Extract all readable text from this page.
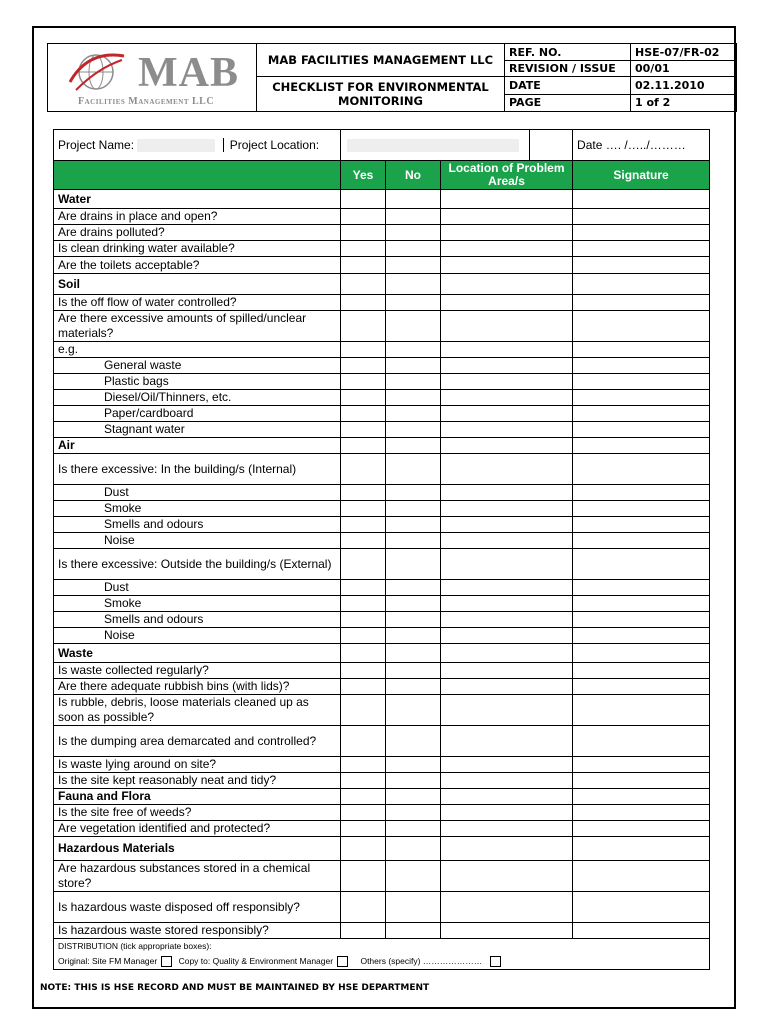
MAB
Facilities Management LLC	MAB FACILITIES MANAGEMENT LLC	REF. NO.	HSE-07/FR-02
		REVISION / ISSUE	00/01
	CHECKLIST FOR ENVIRONMENTAL MONITORING	DATE	02.11.2010
		PAGE	1 of 2
Project Name: Project Location:				Date …. /…../………
	Yes	No	Location of Problem Area/s	Signature
Water				
Are drains in place and open?				
Are drains polluted?				
Is clean drinking water available?				
Are the toilets acceptable?				
Soil				
Is the off flow of water controlled?				
Are there excessive amounts of spilled/unclear materials?				
e.g.				
General waste				
Plastic bags				
Diesel/Oil/Thinners, etc.				
Paper/cardboard				
Stagnant water				
Air				
Is there excessive: In the building/s (Internal)				
Dust				
Smoke				
Smells and odours				
Noise				
Is there excessive: Outside the building/s (External)				
Dust				
Smoke				
Smells and odours				
Noise				
Waste				
Is waste collected regularly?				
Are there adequate rubbish bins (with lids)?				
Is rubble, debris, loose materials cleaned up as soon as possible?				
Is the dumping area demarcated and controlled?				
Is waste lying around on site?				
Is the site kept reasonably neat and tidy?				
Fauna and Flora				
Is the site free of weeds?				
Are vegetation identified and protected?				
Hazardous Materials				
Are hazardous substances stored in a chemical store?				
Is hazardous waste disposed off responsibly?				
Is hazardous waste stored responsibly?				

DISTRIBUTION (tick appropriate boxes):
Original: Site FM Manager Copy to: Quality & Environment Manager Others (specify) …………………				
NOTE: THIS IS HSE RECORD AND MUST BE MAINTAINED BY HSE DEPARTMENT
